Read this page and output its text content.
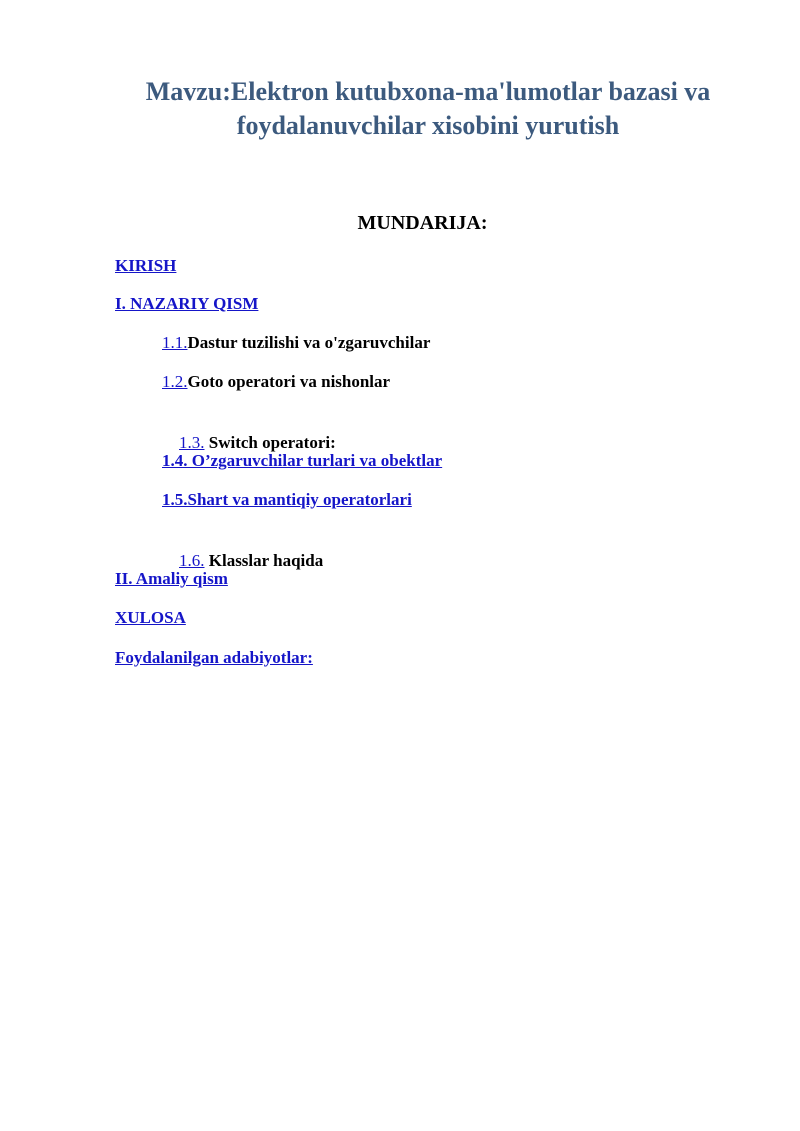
Mavzu:Elektron kutubxona-ma'lumotlar bazasi va
foydalanuvchilar xisobini yurutish
MUNDARIJA:
KIRISH
I. NAZARIY QISM
1.1.Dastur tuzilishi va o'zgaruvchilar
1.2.Goto operatori va nishonlar

1.3. Switch operatori:

1.4. O’zgaruvchilar turlari va obektlar
1.5.Shart va mantiqiy operatorlari

1.6. Klasslar haqida

II. Amaliy qism
XULOSA
Foydalanilgan adabiyotlar:
